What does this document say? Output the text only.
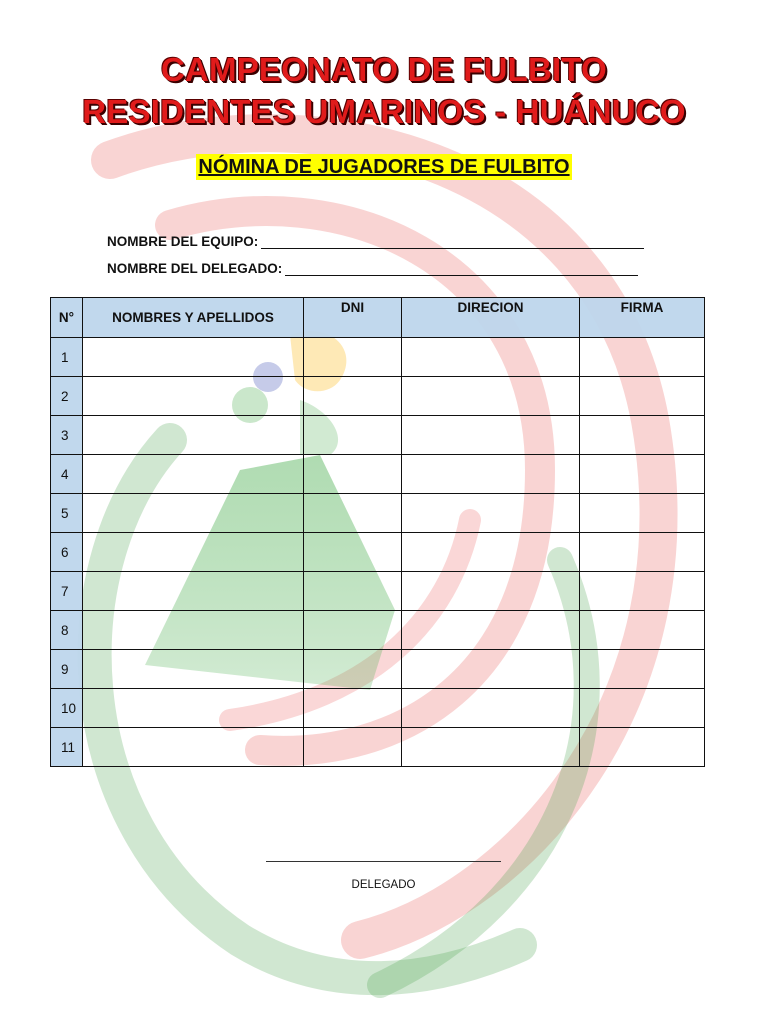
CAMPEONATO DE FULBITO
RESIDENTES UMARINOS - HUÁNUCO
NÓMINA DE JUGADORES DE FULBITO
NOMBRE DEL EQUIPO:
NOMBRE DEL DELEGADO:
N°	NOMBRES Y APELLIDOS	DNI	DIRECION	FIRMA
1				
2				
3				
4				
5				
6				
7				
8				
9				
10				
11				
DELEGADO
